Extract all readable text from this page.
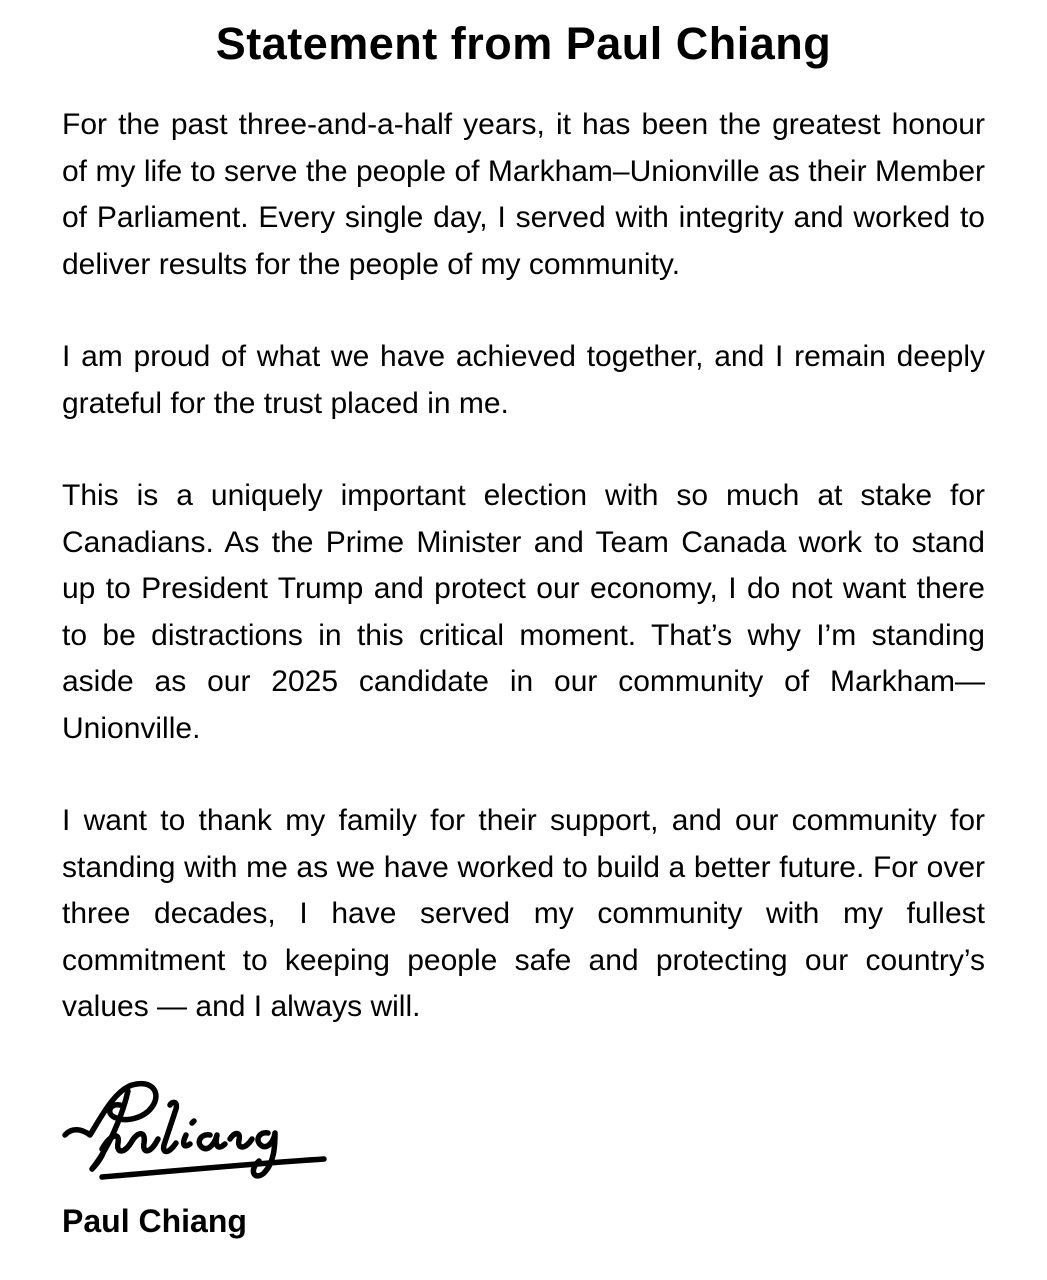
Statement from Paul Chiang

For the past three-and-a-half years, it has been the greatest honour of my life to serve the people of Markham–Unionville as their Member of Parliament. Every single day, I served with integrity and worked to deliver results for the people of my community.

I am proud of what we have achieved together, and I remain deeply grateful for the trust placed in me.

This is a uniquely important election with so much at stake for Canadians. As the Prime Minister and Team Canada work to stand up to President Trump and protect our economy, I do not want there to be distractions in this critical moment. That’s why I’m standing aside as our 2025 candidate in our community of Markham—Unionville.

I want to thank my family for their support, and our community for standing with me as we have worked to build a better future. For over three decades, I have served my community with my fullest commitment to keeping people safe and protecting our country’s values — and I always will.

Paul Chiang
